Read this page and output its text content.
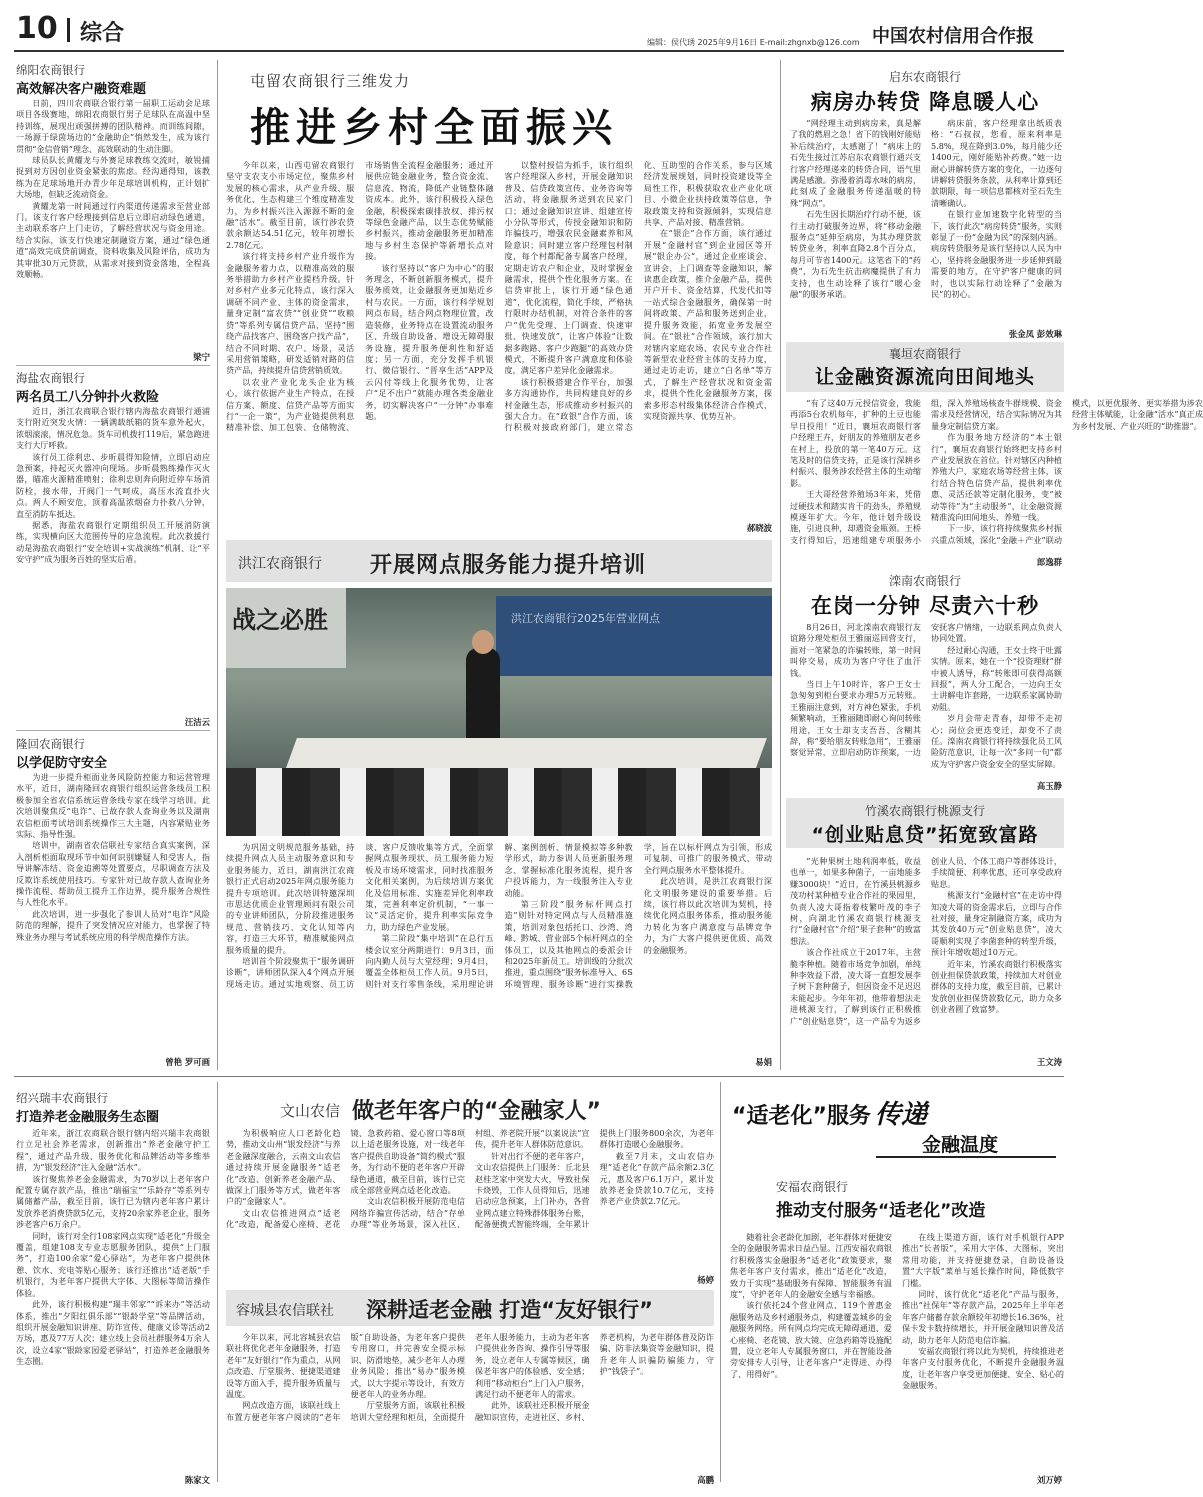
10 综合	编辑：侯代琇 2025年9月16日 E-mail:zhgnxb@126.com 中国农村信用合作报
绵阳农商银行
高效解决客户融资难题

日前，四川农商联合银行第一届职工运动会足球项目各级赛地，绵阳农商银行男子足球队在高温中坚持训练，展现出顽强拼搏的团队精神。而训练间隙，一场源于绿茵场边的“金融助企”悄然发生，成为该行贯彻“金信营销”理念、高效联动的生动注脚。

球员队长黄耀龙与外赛足球教练交流时，敏锐捕捉到对方因创业资金紧张的焦虑。经沟通得知，该教练为在足球场地开办青少年足球培训机构，正计划扩大场地，但缺乏流动资金。

黄耀龙第一时间通过行内渠道传递需求至营业部门。该支行客户经理接到信息后立即启动绿色通道，主动联系客户上门走访，了解经营状况与资金用途。结合实际，该支行快速定制融资方案，通过“绿色通道”高效完成贷前调查，资料收集及风险评估，成功为其审批30万元贷款，从需求对接到资金落地，全程高效顺畅。

梁宁
海盐农商银行
两名员工八分钟扑火救险

近日，浙江农商联合银行辖内海盐农商银行通浦支行附近突发火情：一辆满载纸箱的货车意外起火，浓烟滚滚，情况危急。货车司机拨打119后，紧急跑进支行大厅呼救。

该行员工徐利忠、步昕晨得知险情，立即启动应急预案，持起灭火器冲向现场。步昕晨熟练操作灭火器，瞄准火源精准喷射；徐利忠则奔向附近停车场消防栓，接水带，开阀门一气呵成，高压水流直扑火点。两人不顾安危，顶着高温浓烟奋力扑救八分钟，直至消防车抵达。

据悉，海盐农商银行定期组织员工开展消防演练，实现横向区大范围传导的应急流程。此次救援行动是海盐农商银行“安全培训+实战演练”机制、让“平安守护”成为服务百姓的坚实后盾。

汪洁云
隆回农商银行
以学促防守安全

为进一步提升柜面业务风险防控能力和运营管理水平，近日，湖南隆回农商银行组织运营条线员工积极参加全省农信系统运营条线专家在线学习培训。此次培训聚焦反“电诈”、已故存款人查询业务以及湖南农信柜面考试培训系统操作三大主题，内容紧贴业务实际、指导性强。

培训中，湖南省农信联社专家结合真实案例，深入剖析柜面取现环节中如何识别嫌疑人和受害人，指导讲解冻结、资金追溯等处置要点，尽职调查方法及反欺诈系统使用技巧。专家针对已故存款人查询业务操作流程、帮助员工提升工作边界，提升服务合规性与人性化水平。

此次培训，进一步强化了参训人员对“电诈”风险防范的理解，提升了突发情况应对能力，也掌握了特殊业务办理与考试系统应用的科学规范操作方法。

曾艳 罗可画
屯留农商银行三维发力
推进乡村全面振兴

今年以来，山西屯留农商银行坚守支农支小市场定位，聚焦乡村发展的核心需求，从产业升级、服务优化、生态构建三个维度精准发力，为乡村振兴注入源源不断的金融“活水”。截至目前，该行涉农贷款余额达54.51亿元，较年初增长2.78亿元。

该行将支持乡村产业升级作为金融服务着力点，以精准高效的服务举措助力乡村产业提档升级。针对乡村产业多元化特点，该行深入调研不同产业、主体的资金需求，量身定制“富农贷”“创业贷”“收粮贷”等系列专属信贷产品，坚持“围绕产品找客户、围绕客户找产品”，结合不同时期、农户、场景，灵活采用营销策略，研发适销对路的信贷产品，持续提升信贷营销质效。

以农业产业化龙头企业为核心，该行依据产业生产特点，在授信方案、额度、信贷产品等方面实行“一企一策”，为产业链提供利息精准补偿、加工包装、仓储物流、市场销售全流程金融服务；通过开展供应链金融业务，整合资金流、信息流、物流，降低产业链整体融资成本。此外，该行积极投入绿色金融，积极探索碳排放权、排污权等绿色金融产品，以生态优势赋能乡村振兴，推动金融服务更加精准地与乡村生态保护等新增长点对接。

该行坚持以“客户为中心”的服务理念，不断创新服务模式，提升服务质效，让金融服务更加贴近乡村与农民。一方面，该行科学规划网点布局，结合网点物理位置，改造装修，业务特点在设置流动服务区、升级自助设备、增设无障碍服务设施，提升服务便利性和舒适度；另一方面，充分发挥手机银行、微信银行、“晋享生活”APP及云闪付等线上化服务优势，让客户“足不出户”就能办理各类金融业务，切实解决客户“一分钟”办事难题。

以整村授信为抓手，该行组织客户经理深入乡村，开展金融知识普及、信贷政策宣传、业务咨询等活动，将金融服务送到农民家门口；通过金融知识宣讲、组建宣传小分队等形式，传授金融知识和防诈骗技巧，增强农民金融素养和风险意识；同时建立客户经理包村制度，每个村都配备专属客户经理，定期走访农户和企业，及时掌握金融需求，提供个性化服务方案。在信贷审批上，该行开通“绿色通道”，优化流程，简化手续，严格执行限时办结机制，对符合条件的客户“优先受理、上门调查、快速审批、快速发放”，让客户体验“让数据多跑路、客户少跑腿”的高效办贷模式，不断提升客户满意度和体验度，满足客户差异化金融需求。

该行积极搭建合作平台，加强多方沟通协作，共同构建良好的乡村金融生态，形成推动乡村振兴的强大合力。在“政银”合作方面，该行积极对接政府部门，建立常态化、互助型的合作关系，参与区域经济发展规划，同时投资建设等全局性工作，积极获取农业产业化项目、小微企业扶持政策等信息，争取政策支持和资源倾斜，实现信息共享、产品对接、精准营销。

在“银企”合作方面，该行通过开展“金融村官”到企业园区等开展“银企办公”，通过企业座谈会、宣讲会，上门调查等金融知识，解读惠企政策，推介金融产品，提供开户开卡、资金结算，代发代扣等一站式综合金融服务，确保第一时间将政策、产品和服务送到企业，提升服务效能，拓宽业务发展空间。在“银社”合作领域，该行加大对辖内家庭农场、农民专业合作社等新型农业经营主体的支持力度，通过走访走访，建立“白名单”等方式，了解生产经营状况和资金需求，提供个性化金融服务方案，探索多形态村级集体经济合作模式，实现资源共享、优势互补。

郝晓波
洪江农商银行 开展网点服务能力提升培训
战之必胜	洪江农商银行2025年营业网点

为巩固文明规范服务基础，持续提升网点人员主动服务意识和专业服务能力，近日，湖南洪江农商银行正式启动2025年网点服务能力提升专项培训。此次培训特邀深圳市思达优质企业管理顾问有限公司的专业讲师团队，分阶段推进服务规范、营销技巧、文化认知等内容，打造三大环节，精准赋能网点服务质量的提升。

培训首个阶段聚焦于“服务调研诊断”，讲师团队深入4个网点开展现场走访。通过实地观察、员工访谈、客户反馈收集等方式，全面掌握网点服务现状、员工服务能力短板及市场环境需求，同时找准服务文化相关案例，为后续培训方案优化及信用标准、实施差异化利率政策，完善利率定价机制，“一事一议”灵活定价，提升利率实际竞争力，助力绿色产业发展。

第二阶段“集中培训”在总行五楼会议室分两期进行：9月3日，面向内勤人员与大堂经理；9月4日，覆盖全体柜员工作人员。9月5日，则针对支行零售条线，采用理论讲解、案例剖析、情景模拟等多种教学形式，助力参训人员更新服务理念、掌握标准化服务流程，提升客户投诉能力，为一线服务注入专业动能。

第三阶段“服务标杆网点打造”则针对特定网点与人员精准施策，培训对象包括托口、沙湾、湾峰、黔城、营业部5个标杆网点的全体员工，以及其他网点的委派会计和2025年新员工。培训级的分批次推进，重点围绕“服务标准导入、6S环境管理、服务诊断”进行实操教学，旨在以标杆网点为引领，形成可复制、可推广的服务模式，带动全行网点服务水平整体提升。

此次培训，是洪江农商银行深化文明服务建设的重要举措。后续，该行将以此次培训为契机，持续优化网点服务体系，推动服务能力转化为客户满意度与品牌竞争力，为广大客户提供更优质、高效的金融服务。

易娟
启东农商银行
病房办转贷 降息暖人心

“网经理主动到病房来，真是解了我的燃眉之急！省下的钱刚好能贴补后续治疗，太感谢了！”病床上的石先生接过江苏启东农商银行通兴支行客户经理递来的转贷合同，语气里满是感激。弥漫着消毒水味的病房，此刻成了金融服务传递温暖的特殊“网点”。

石先生因长期治疗行动不便，该行主动打破服务边界，将“移动金融服务点”延伸至病房，为其办理贷款转贷业务，利率直降2.8个百分点，每月可节省1400元。这笔省下的“药费”，为石先生抗击病魔提供了有力支持，也生动诠释了该行“暖心金融”的服务承诺。

病床前，客户经理拿出纸质表格：“石叔叔，您看，原来利率是5.8%，现在降到3.0%，每月能少还1400元，刚好能贴补药费。”她一边耐心讲解转贷方案的变化，一边逐句讲解转贷服务条款，从利率计算到还款期限，每一项信息都核对至石先生清晰确认。

在银行业加速数字化转型的当下，该行此次“病房转贷”服务，实则彰显了一份“金融为民”的深刻内涵。病房转贷服务是该行坚持以人民为中心，坚持将金融服务进一步延伸到最需要的地方，在守护客户健康的同时，也以实际行动诠释了“金融为民”的初心。

张金凤 彭效琳
襄垣农商银行
让金融资源流向田间地头

“有了这40万元授信资金，我能再添5台农机每年，扩种的土豆也能早日投用！”近日，襄垣农商银行客户经理王卉，好朋友的养殖朋友老乡在村上，投放的第一笔40万元。这笔及时的信贷支持，正是该行深耕乡村振兴、服务涉农经营主体的生动缩影。

王大哥经营养殖场3年来，凭借过硬技术和踏实肯干的劲头，养殖规模逐年扩大。今年，他计划升级设施，引进良种，却遇资金瓶颈。王桥支行得知后，迅速组建专项服务小组，深入养殖场核查牛群规模、资金需求及经营情况，结合实际情况为其量身定制信贷方案。

作为服务地方经济的“本土银行”，襄垣农商银行始终把支持乡村产业发展放在首位。针对辖区内种植养殖大户、家庭农场等经营主体，该行结合特色信贷产品，提供利率优惠、灵活还款等定制化服务，变“被动等待”为“主动服务”，让金融资源精准流向田间地头、养殖一线。

下一步，该行将持续聚焦乡村振兴重点领域，深化“金融＋产业”联动模式，以更优服务、更实举措为涉农经营主体赋能，让金融“活水”真正成为乡村发展、产业兴旺的“助推器”。

郎逸群
滦南农商银行
在岗一分钟 尽责六十秒

8月26日，河北滦南农商银行友谊路分理处柜员王雅丽巡回营支行，面对一笔紧急的诈骗转账，第一时间叫停交易，成功为客户守住了血汗钱。

当日上午10时许，客户王女士急匆匆到柜台要求办理5万元转账。王雅丽注意到，对方神色紧张，手机频繁响动，王雅丽随即耐心询问转账用途，王女士却支支吾吾、含糊其辞，称“要给朋友转账急用”，王雅丽察觉异常，立即启动防诈预案，一边安抚客户情绪，一边联系网点负责人协同处置。

经过耐心沟通，王女士终于吐露实情。原来，她在一个“投资理财”群中被人诱导，称“转账即可获得高额回报”，两人分工配合，一边向王女士讲解电诈套路，一边联系家属协助劝阻。

岁月会带走青春，却带不走初心；岗位会更迭变迁，却变不了责任。滦南农商银行将持续强化员工风险防范意识，让每一次“多问一句”都成为守护客户资金安全的坚实屏障。

高玉静
竹溪农商银行桃源支行
“创业贴息贷”拓宽致富路

“光种果树土地利润率低，收益也单一，如果多种菌子，一亩地能多赚3000块！”近日，在竹溪县桃源乡茂功村某种植专业合作社的果园里，负责人凌大哥指着枝繁叶茂的李子树，向湖北竹溪农商银行桃源支行“金融村官”介绍“果子套种”的致富想法。

该合作社成立于2017年，主营脆李种植。随着市场竞争加剧，单纯种李效益下滑，凌大哥一直想发展李子树下套种菌子，但因资金不足迟迟未能起步。今年年初，他带着想法走进桃源支行，了解到该行正积极推广“创业贴息贷”，这一产品专为返乡创业人员、个体工商户等群体设计，手续简便、利率优惠，还可享受政府贴息。

桃源支行“金融村官”在走访中得知凌大哥的资金需求后，立即与合作社对接，量身定制融资方案，成功为其发放40万元“创业贴息贷”，凌大哥顺利实现了李菌套种的转型升级，预计年增收超过10万元。

近年来，竹溪农商银行积极落实创业担保贷款政策，持续加大对创业群体的支持力度，截至目前，已累计发放创业担保贷款数亿元，助力众多创业者圆了致富梦。

王文涛
绍兴瑞丰农商银行
打造养老金融服务生态圈

近年来，浙江农商联合银行辖内绍兴瑞丰农商银行立足社会养老需求，创新推出“养老金融守护工程”，通过产品升级、服务优化和品牌活动等多维举措，为“银发经济”注入金融“活水”。

该行聚焦养老金金融需求，为70岁以上老年客户配置专属存款产品，推出“瑞福宝”“乐龄存”等系列专属储蓄产品，截至目前，该行已为辖内老年客户累计发放养老消费贷款5亿元，支持20余家养老企业，服务涉老客户6万余户。

同时，该行对全行108家网点实现“适老化”升级全覆盖，组建108支专业志愿服务团队，提供“上门服务”，打造100余家“爱心驿站”，为老年客户提供休憩、饮水、充电等贴心服务；该行还推出“适老版”手机银行，为老年客户提供大字体、大图标等简洁操作体验。

此外，该行积极构建“瑞丰邻家”“诉来办”等活动体系，推出“夕阳红俱乐部”“银龄学堂”等品牌活动，组织开展金融知识讲座、防诈宣传、健康义诊等活动2万场，惠及77万人次；建立线上会员社群服务4万余人次，设立4家“银龄家园爱老驿站”，打造养老金融服务生态圈。

陈家文
文山农信 做老年客户的“金融家人”

为积极响应人口老龄化趋势，推动文山州“银发经济”与养老金融深度融合，云南文山农信通过持续开展金融服务“适老化”改造、创新养老金融产品、做深上门服务等方式，做老年客户的“金融家人”。

文山农信推进网点“适老化”改造，配备爱心座椅、老花镜、急救药箱、爱心窗口等8项以上适老服务设施，对一线老年客户提供自助设备“简约模式”服务，为行动不便的老年客户开辟绿色通道，截至目前，该行已完成全部营业网点适老化改造。

文山农信积极开展防范电信网络诈骗宣传活动，结合“存单办理”等业务场景，深入社区、村组、养老院开展“以案说法”宣传，提升老年人群体防范意识。

针对出行不便的老年客户，文山农信提供上门服务：丘北县赵桂芝家中突发大火，导致社保卡烧毁，工作人员得知后，迅速启动应急预案，上门补办，各营业网点建立特殊群体服务台账，配备便携式智能终端，全年累计提供上门服务800余次，为老年群体打造暖心金融服务。

截至7月末，文山农信办理“适老化”存款产品余额2.3亿元，惠及客户6.1万户，累计发放养老金贷款10.7亿元，支持养老产业贷款2.7亿元。

杨婷
容城县农信联社 深耕适老金融 打造“友好银行”

今年以来，河北容城县农信联社将优化老年金融服务，打造老年“友好银行”作为重点，从网点改造、厅堂服务、便捷渠道建设等方面入手，提升服务质量与温度。

网点改造方面，该联社线上布置方便老年客户阅读的“老年版”自助设备，为老年客户提供专用窗口，并完善安全提示标识、防滑地垫，减少老年人办理业务风险；推出“易办”服务模式，以大字提示等设计，有效方便老年人的业务办理。

厅堂服务方面，该联社积极培训大堂经理和柜员，全面提升老年人服务能力，主动为老年客户提供业务咨询、操作引导等服务，设立老年人专属等候区，确保老年客户的体验感、安全感；利用“移动柜台”上门入户服务，满足行动不便老年人的需求。

此外，该联社还积极开展金融知识宣传，走进社区、乡村、养老机构，为老年群体普及防诈骗、防非法集资等金融知识，提升老年人识骗防骗能力，守护“钱袋子”。

高鹏
“适老化”服务 传递
金融温度
安福农商银行
推动支付服务“适老化”改造

随着社会老龄化加剧，老年群体对便捷安全的金融服务需求日益凸显。江西安福农商银行积极落实金融服务“适老化”政策要求，聚焦老年客户支付需求，推出“适老化”改造，致力于实现“基础服务有保障、智能服务有温度”，守护老年人的金融安全感与幸福感。

该行依托24个营业网点、119个普惠金融服务站及乡村通服务点，构建覆盖城乡的金融服务网络。所有网点均完成无障碍通道、爱心座椅、老花镜、放大镜、应急药箱等设施配置，设立老年人专属服务窗口，并在智能设备旁安排专人引导，让老年客户“走得进、办得了、用得好”。

在线上渠道方面，该行对手机银行APP推出“长者版”，采用大字体、大图标，突出常用功能，并支持便捷登录，自助设备设置“大字版”菜单与延长操作时间，降低数字门槛。

同时，该行优化“适老化”产品与服务，推出“社保年”等存款产品，2025年上半年老年客户储蓄存款余额较年初增长16.36%，社保卡发卡数持续增长，并开展金融知识普及活动，助力老年人防范电信诈骗。

安福农商银行将以此为契机，持续推进老年客户支付服务优化，不断提升金融服务温度，让老年客户享受更加便捷、安全、贴心的金融服务。

刘万婷
